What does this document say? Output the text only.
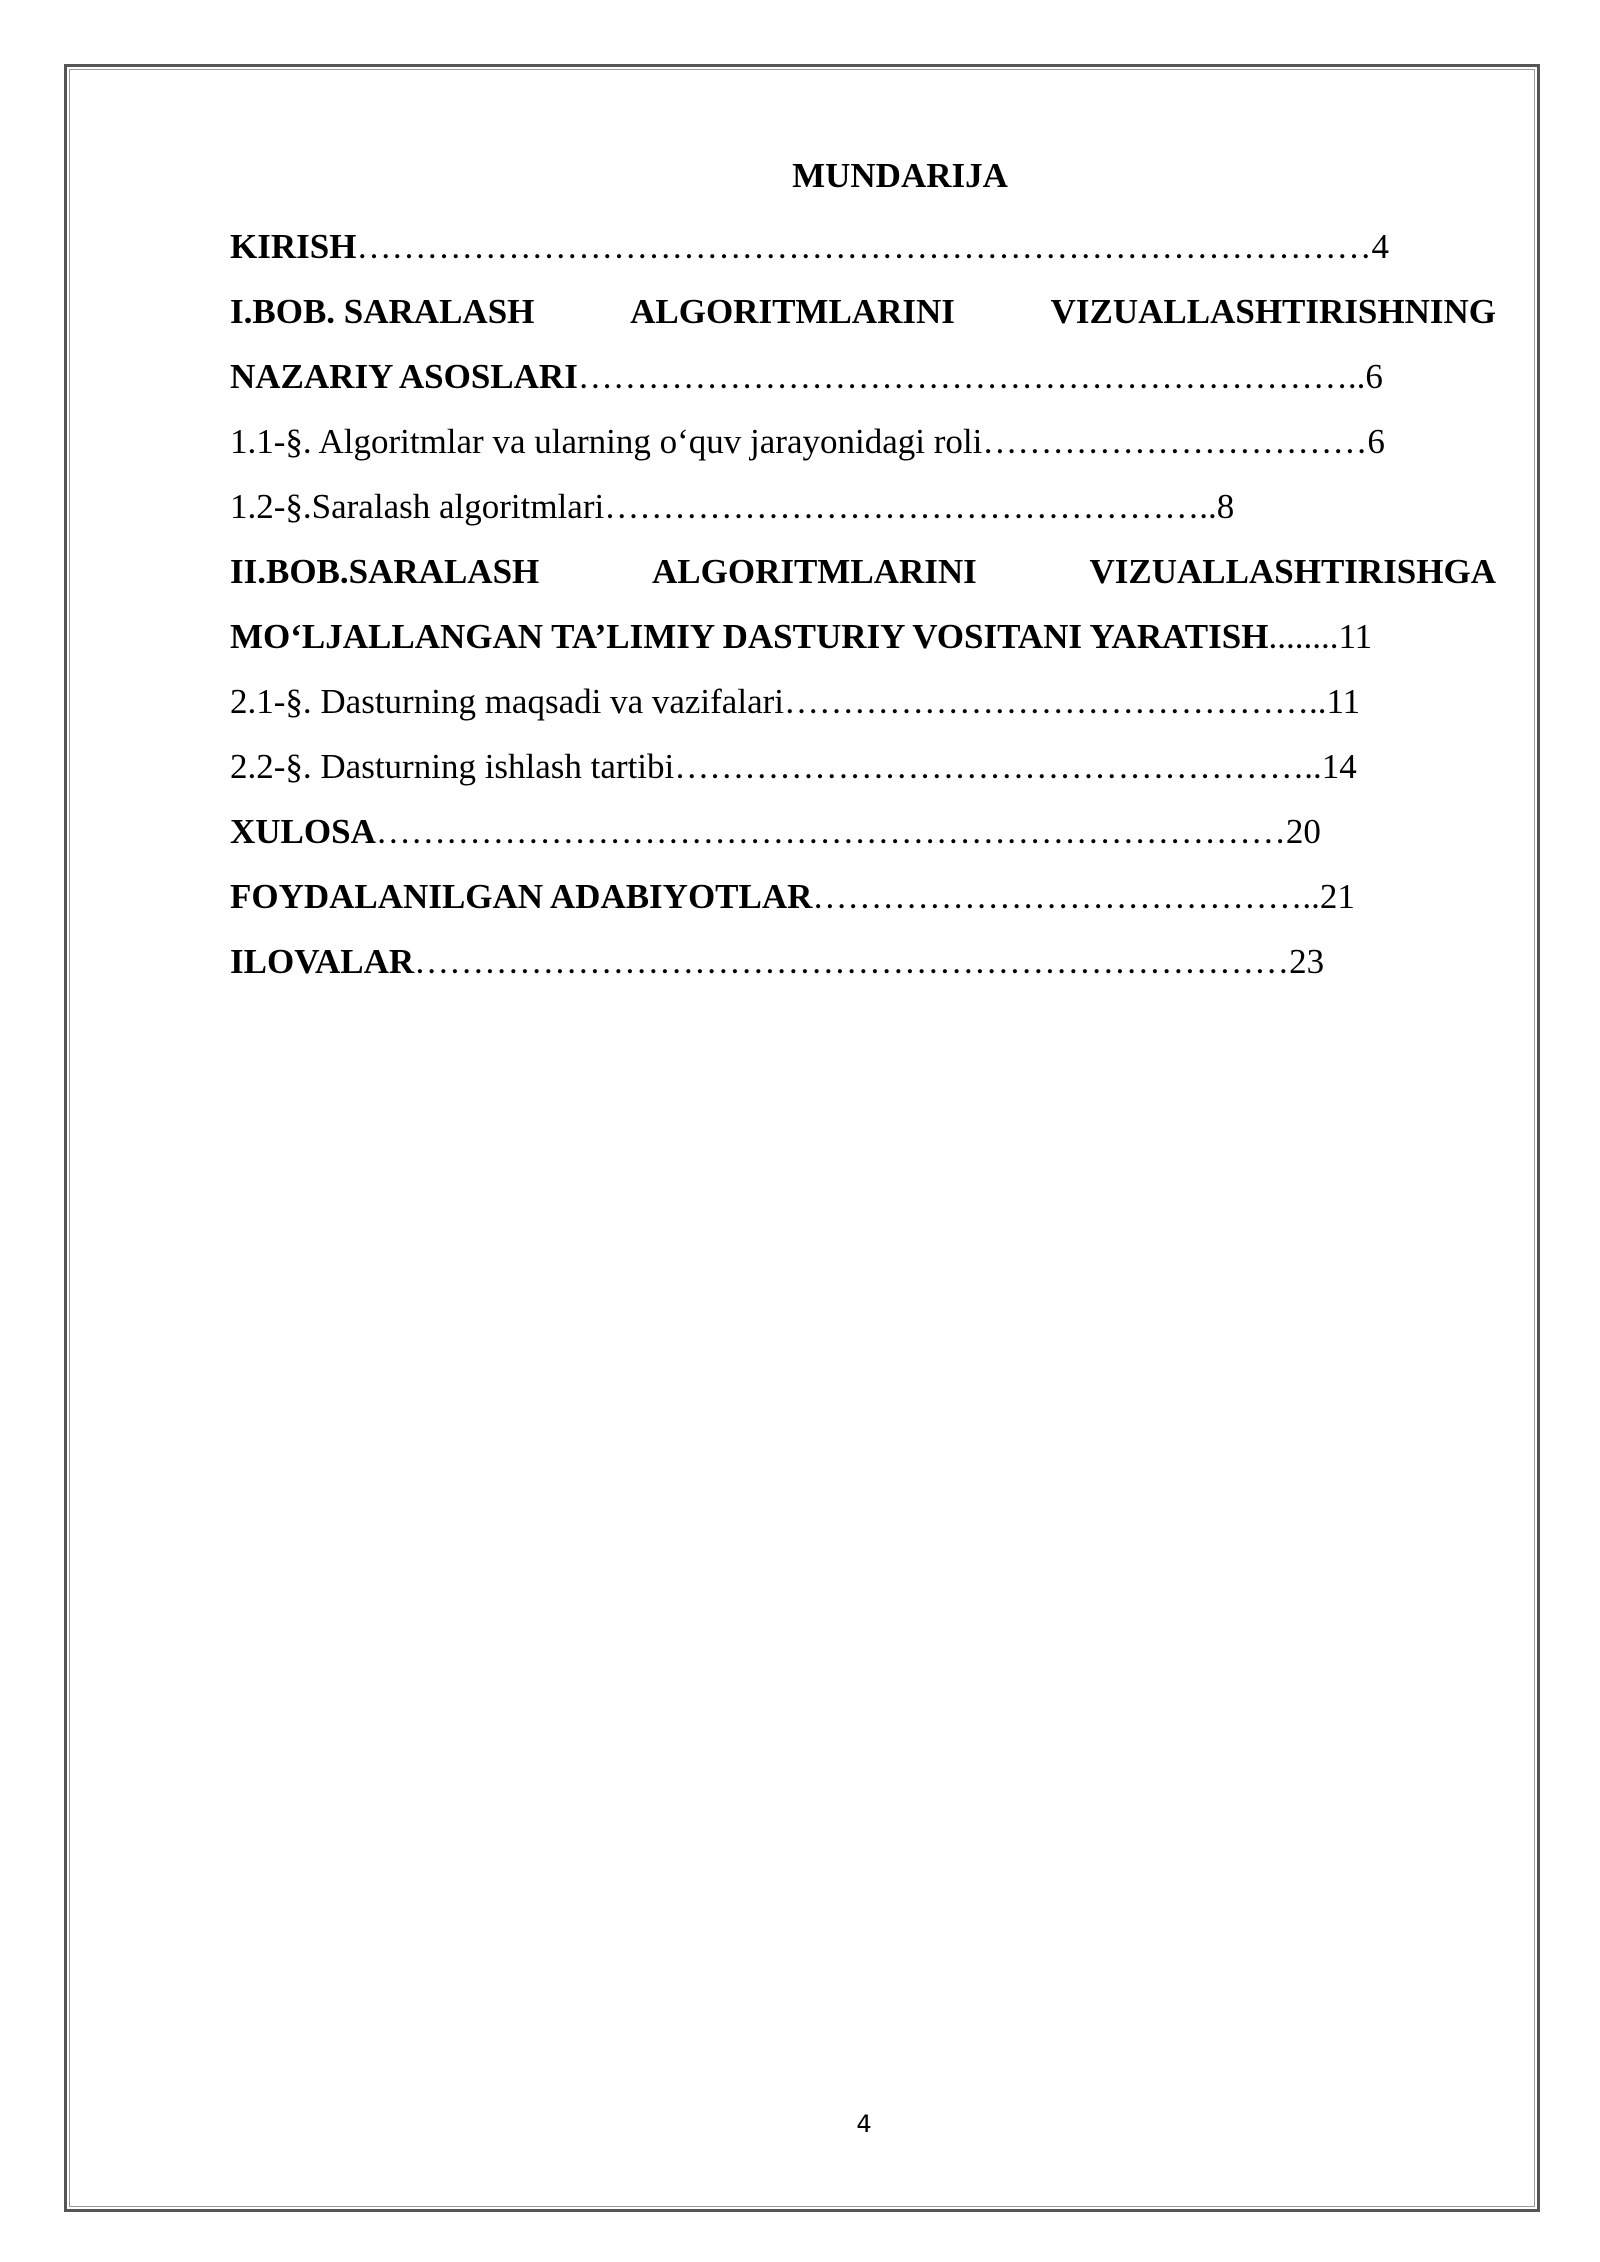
MUNDARIJA
KIRISH……………………………………………………………………………4
I.BOB. SARALASH	ALGORITMLARINI	VIZUALLASHTIRISHNING
NAZARIY ASOSLARI…………………………………………………………..6
1.1-§. Algoritmlar va ularning o‘quv jarayonidagi roli……………………………6
1.2-§.Saralash algoritmlari……………………………………………..8
II.BOB.SARALASH	ALGORITMLARINI	VIZUALLASHTIRISHGA
MO‘LJALLANGAN TA’LIMIY DASTURIY VOSITANI YARATISH........11
2.1-§. Dasturning maqsadi va vazifalari………………………………………..11
2.2-§. Dasturning ishlash tartibi………………………………………………..14
XULOSA……………………………………………………………………20
FOYDALANILGAN ADABIYOTLAR……………………………………..21
ILOVALAR…………………………………………………………………23
4
